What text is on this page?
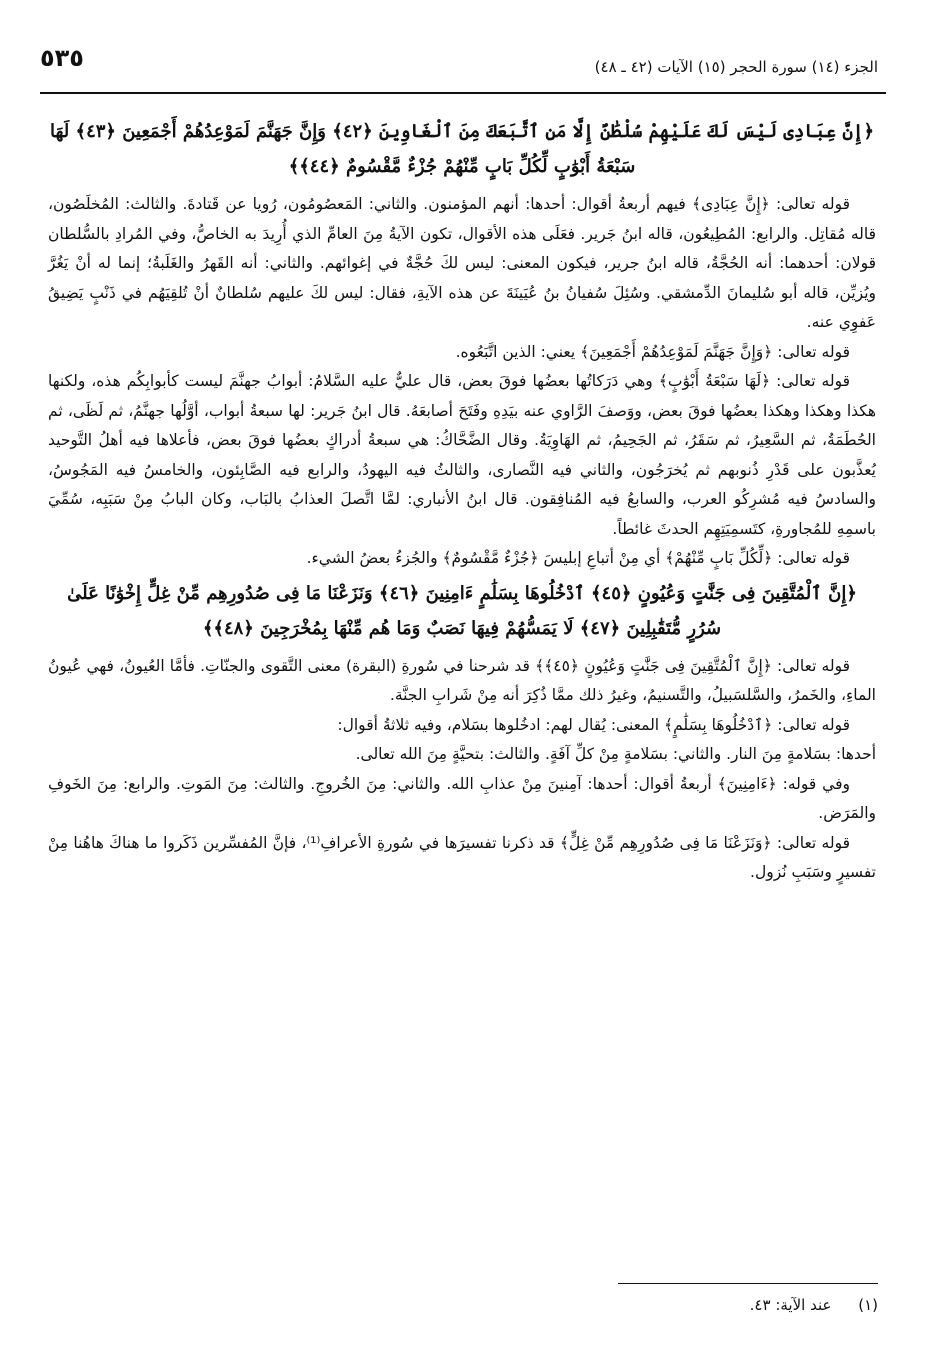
٥٣٥	الجزء (١٤) سورة الحجر (١٥) الآيات (٤٢ ـ ٤٨)

﴿إِنَّ عِبَادِى لَيْسَ لَكَ عَلَيْهِمْ سُلْطَٰنٌ إِلَّا مَنِ ٱتَّبَعَكَ مِنَ ٱلْغَاوِينَ ﴿٤٢﴾ وَإِنَّ جَهَنَّمَ لَمَوْعِدُهُمْ أَجْمَعِينَ ﴿٤٣﴾ لَهَا سَبْعَةُ أَبْوَٰبٍ لِّكُلِّ بَابٍ مِّنْهُمْ جُزْءٌ مَّقْسُومٌ ﴿٤٤﴾﴾

قوله تعالى: ﴿إِنَّ عِبَادِى﴾ فيهم أربعةُ أقوال: أحدها: أنهم المؤمنون. والثاني: المَعصُومُون، رُويا عن قَتادةَ. والثالث: المُخلَصُون، قاله مُقاتِل. والرابع: المُطِيعُون، قاله ابنُ جَرير. فعَلَى هذه الأقوال، تكون الآيةُ مِنَ العامِّ الذي أُرِيدَ به الخاصُّ، وفي المُرادِ بالسُّلطان قولان: أحدهما: أنه الحُجَّةُ، قاله ابنُ جرير، فيكون المعنى: ليس لكَ حُجَّةٌ في إغوائهم. والثاني: أنه القَهرُ والغَلَبةُ؛ إنما له أنْ يَغُرَّ ويُزيِّن، قاله أبو سُليمانَ الدِّمشقي. وسُئِلَ سُفيانُ بنُ عُيَينَةَ عن هذه الآيةِ، فقال: ليس لكَ عليهم سُلطانٌ أنْ تُلقِيَهُم في ذَنْبٍ يَضِيقُ عَفوِي عنه.

قوله تعالى: ﴿وَإِنَّ جَهَنَّمَ لَمَوْعِدُهُمْ أَجْمَعِينَ﴾ يعني: الذين اتَّبَعُوه.

قوله تعالى: ﴿لَهَا سَبْعَةُ أَبْوَٰبٍ﴾ وهي دَرَكاتُها بعضُها فوقَ بعض، قال عليٌّ عليه السَّلامُ: أبوابُ جهنَّمَ ليست كأبوابِكُم هذه، ولكنها هكذا وهكذا وهكذا بعضُها فوقَ بعض، ووَصفَ الرَّاوي عنه بيَدِهِ وفَتَحَ أصابعَهُ. قال ابنُ جَرير: لها سبعةُ أبواب، أوَّلُها جهنَّمُ، ثم لَظَى، ثم الحُطَمَةُ، ثم السَّعِيرُ، ثم سَقَرُ، ثم الجَحِيمُ، ثم الهَاوِيَةُ. وقال الضَّحَّاكُ: هي سبعةُ أدراكٍ بعضُها فوقَ بعض، فأعلاها فيه أهلُ التَّوحيد يُعذَّبون على قَدْرِ ذُنوبهم ثم يُخرَجُون، والثاني فيه النَّصارى، والثالثُ فيه اليهودُ، والرابع فيه الصَّابِئون، والخامسُ فيه المَجُوسُ، والسادسُ فيه مُشرِكُو العرب، والسابعُ فيه المُنافِقون. قال ابنُ الأنباري: لمَّا اتَّصلَ العذابُ بالبَاب، وكان البابُ مِنْ سَبَبِه، سُمِّيَ باسمِهِ للمُجاورةِ، كتَسمِيَتِهِم الحدثَ غائطاً.

قوله تعالى: ﴿لِّكُلِّ بَابٍ مِّنْهُمْ﴾ أي مِنْ أتباعِ إبليسَ ﴿جُزْءٌ مَّقْسُومٌ﴾ والجُزءُ بعضُ الشيء.

﴿إِنَّ ٱلْمُتَّقِينَ فِى جَنَّٰتٍ وَعُيُونٍ ﴿٤٥﴾ ٱدْخُلُوهَا بِسَلَٰمٍ ءَامِنِينَ ﴿٤٦﴾ وَنَزَعْنَا مَا فِى صُدُورِهِم مِّنْ غِلٍّ إِخْوَٰنًا عَلَىٰ سُرُرٍ مُّتَقَٰبِلِينَ ﴿٤٧﴾ لَا يَمَسُّهُمْ فِيهَا نَصَبٌ وَمَا هُم مِّنْهَا بِمُخْرَجِينَ ﴿٤٨﴾﴾

قوله تعالى: ﴿إِنَّ ٱلْمُتَّقِينَ فِى جَنَّٰتٍ وَعُيُونٍ ﴿٤٥﴾﴾ قد شرحنا في سُورةِ (البقرة) معنى التَّقوى والجنّاتِ. فأمَّا العُيونُ، فهي عُيونُ الماءِ، والخَمرُ، والسَّلسَبيلُ، والتَّسنيمُ، وغيرُ ذلك ممَّا ذُكِرَ أنه مِنْ شَرابِ الجنَّة.

قوله تعالى: ﴿ٱدْخُلُوهَا بِسَلَٰمٍ﴾ المعنى: يُقال لهم: ادخُلوها بسَلام، وفيه ثلاثةُ أقوال:

أحدها: بسَلامةٍ مِنَ النار. والثاني: بسَلامةٍ مِنْ كلِّ آفَةٍ. والثالث: بتحيَّةٍ مِنَ الله تعالى.

وفي قوله: ﴿ءَامِنِينَ﴾ أربعةُ أقوال: أحدها: آمِنينَ مِنْ عذابِ الله. والثاني: مِنَ الخُروجِ. والثالث: مِنَ المَوتِ. والرابع: مِنَ الخَوفِ والمَرَض.

قوله تعالى: ﴿وَنَزَعْنَا مَا فِى صُدُورِهِم مِّنْ غِلٍّ﴾ قد ذكرنا تفسيرَها في سُورةِ الأعرافِ⁽¹⁾، فإنَّ المُفسِّرين ذَكَروا ما هناكَ هاهُنا مِنْ تفسيرٍ وسَبَبِ نُزول.

(١) عند الآية: ٤٣.
